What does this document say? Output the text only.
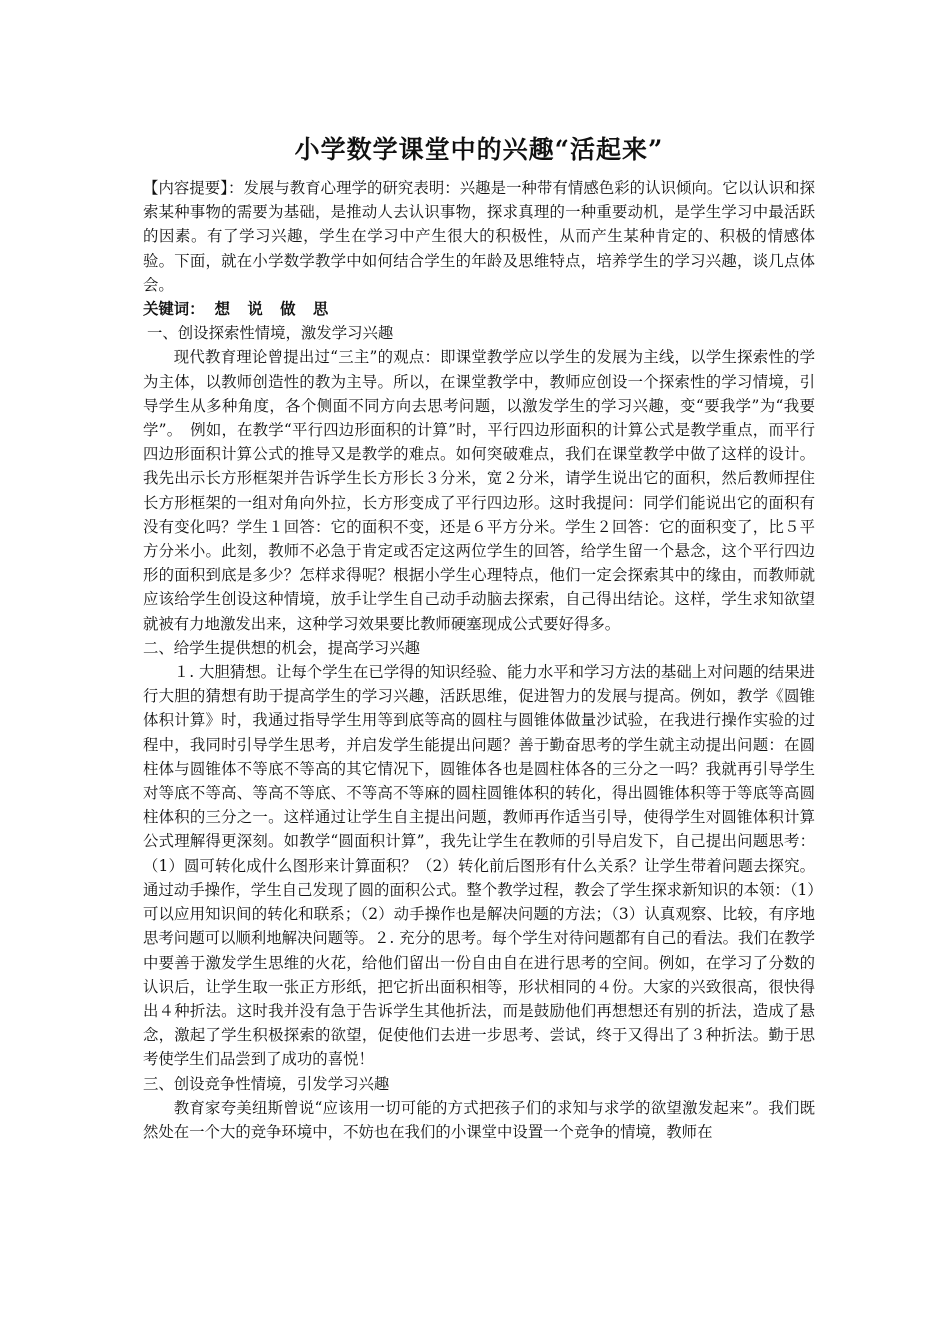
小学数学课堂中的兴趣“活起来”

【内容提要】：发展与教育心理学的研究表明：兴趣是一种带有情感色彩的认识倾向。它以认识和探索某种事物的需要为基础，是推动人去认识事物，探求真理的一种重要动机，是学生学习中最活跃的因素。有了学习兴趣，学生在学习中产生很大的积极性，从而产生某种肯定的、积极的情感体验。下面，就在小学数学教学中如何结合学生的年龄及思维特点，培养学生的学习兴趣，谈几点体会。

关键词： 想 说 做 思

一、创设探索性情境，激发学习兴趣

现代教育理论曾提出过“三主”的观点：即课堂教学应以学生的发展为主线，以学生探索性的学为主体，以教师创造性的教为主导。所以，在课堂教学中，教师应创设一个探索性的学习情境，引导学生从多种角度，各个侧面不同方向去思考问题，以激发学生的学习兴趣，变“要我学”为“我要学”。　例如，在教学“平行四边形面积的计算”时，平行四边形面积的计算公式是教学重点，而平行四边形面积计算公式的推导又是教学的难点。如何突破难点，我们在课堂教学中做了这样的设计。我先出示长方形框架并告诉学生长方形长３分米，宽２分米，请学生说出它的面积，然后教师捏住长方形框架的一组对角向外拉，长方形变成了平行四边形。这时我提问：同学们能说出它的面积有没有变化吗？学生１回答：它的面积不变，还是６平方分米。学生２回答：它的面积变了，比５平方分米小。此刻，教师不必急于肯定或否定这两位学生的回答，给学生留一个悬念，这个平行四边形的面积到底是多少？怎样求得呢？根据小学生心理特点，他们一定会探索其中的缘由，而教师就应该给学生创设这种情境，放手让学生自己动手动脑去探索，自己得出结论。这样，学生求知欲望就被有力地激发出来，这种学习效果要比教师硬塞现成公式要好得多。

二、给学生提供想的机会，提高学习兴趣

１. 大胆猜想。让每个学生在已学得的知识经验、能力水平和学习方法的基础上对问题的结果进行大胆的猜想有助于提高学生的学习兴趣，活跃思维，促进智力的发展与提高。例如，教学《圆锥体积计算》时，我通过指导学生用等到底等高的圆柱与圆锥体做量沙试验，在我进行操作实验的过程中，我同时引导学生思考，并启发学生能提出问题？善于勤奋思考的学生就主动提出问题：在圆柱体与圆锥体不等底不等高的其它情况下，圆锥体各也是圆柱体各的三分之一吗？我就再引导学生对等底不等高、等高不等底、不等高不等麻的圆柱圆锥体积的转化，得出圆锥体积等于等底等高圆柱体积的三分之一。这样通过让学生自主提出问题，教师再作适当引导，使得学生对圆锥体积计算公式理解得更深刻。如教学“圆面积计算”，我先让学生在教师的引导启发下，自己提出问题思考：（1）圆可转化成什么图形来计算面积？（2）转化前后图形有什么关系？让学生带着问题去探究。通过动手操作，学生自己发现了圆的面积公式。整个教学过程，教会了学生探求新知识的本领：（1）可以应用知识间的转化和联系；（2）动手操作也是解决问题的方法；（3）认真观察、比较，有序地思考问题可以顺利地解决问题等。２. 充分的思考。每个学生对待问题都有自己的看法。我们在教学中要善于激发学生思维的火花，给他们留出一份自由自在进行思考的空间。例如，在学习了分数的认识后，让学生取一张正方形纸，把它折出面积相等，形状相同的４份。大家的兴致很高，很快得出４种折法。这时我并没有急于告诉学生其他折法，而是鼓励他们再想想还有别的折法，造成了悬念，激起了学生积极探索的欲望，促使他们去进一步思考、尝试，终于又得出了３种折法。勤于思考使学生们品尝到了成功的喜悦！

三、创设竞争性情境，引发学习兴趣

教育家夸美纽斯曾说“应该用一切可能的方式把孩子们的求知与求学的欲望激发起来”。我们既然处在一个大的竞争环境中，不妨也在我们的小课堂中设置一个竞争的情境，教师在
